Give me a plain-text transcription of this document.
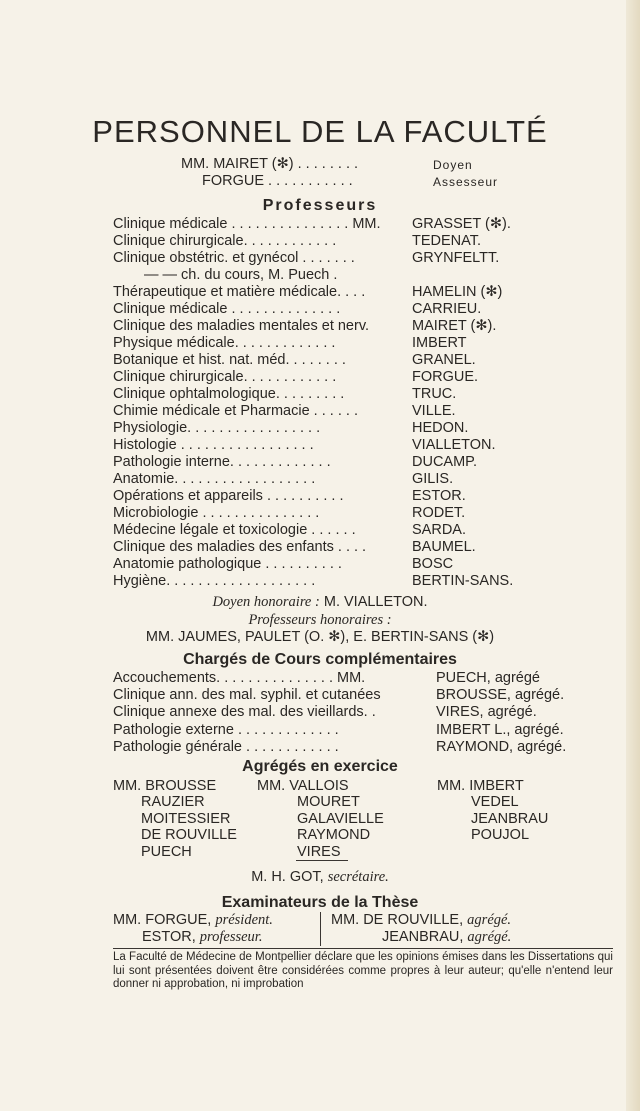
PERSONNEL DE LA FACULTÉ
MM. MAIRET (✻) . . . . . . . .	Doyen
FORGUE . . . . . . . . . . .	Assesseur
Professeurs
Clinique médicale . . . . . . . . . . . . . . . MM. GRASSET (✻).
Clinique chirurgicale. . . . . . . . . . . .	TEDENAT.
Clinique obstétric. et gynécol . . . . . . .	GRYNFELTT.
— — ch. du cours, M. Puech .
Thérapeutique et matière médicale. . . .	HAMELIN (✻)
Clinique médicale . . . . . . . . . . . . . .	CARRIEU.
Clinique des maladies mentales et nerv.	MAIRET (✻).
Physique médicale. . . . . . . . . . . . .	IMBERT
Botanique et hist. nat. méd. . . . . . . .	GRANEL.
Clinique chirurgicale. . . . . . . . . . . .	FORGUE.
Clinique ophtalmologique. . . . . . . . .	TRUC.
Chimie médicale et Pharmacie . . . . . .	VILLE.
Physiologie. . . . . . . . . . . . . . . . .	HEDON.
Histologie . . . . . . . . . . . . . . . . .	VIALLETON.
Pathologie interne. . . . . . . . . . . . .	DUCAMP.
Anatomie. . . . . . . . . . . . . . . . . .	GILIS.
Opérations et appareils . . . . . . . . . .	ESTOR.
Microbiologie . . . . . . . . . . . . . . .	RODET.
Médecine légale et toxicologie . . . . . .	SARDA.
Clinique des maladies des enfants . . . .	BAUMEL.
Anatomie pathologique . . . . . . . . . .	BOSC
Hygiène. . . . . . . . . . . . . . . . . . .	BERTIN-SANS.
Doyen honoraire : M. VIALLETON.
Professeurs honoraires :
MM. JAUMES, PAULET (O. ✻), E. BERTIN-SANS (✻)
Chargés de Cours complémentaires
Accouchements. . . . . . . . . . . . . . . MM.	PUECH, agrégé
Clinique ann. des mal. syphil. et cutanées	BROUSSE, agrégé.
Clinique annexe des mal. des vieillards. .	VIRES, agrégé.
Pathologie externe . . . . . . . . . . . . .	IMBERT L., agrégé.
Pathologie générale . . . . . . . . . . . .	RAYMOND, agrégé.
Agrégés en exercice
MM. BROUSSE
RAUZIER
MOITESSIER
DE ROUVILLE
PUECH
MM. VALLOIS
MOURET
GALAVIELLE
RAYMOND
VIRES
MM. IMBERT
VEDEL
JEANBRAU
POUJOL
M. H. GOT, secrétaire.
Examinateurs de la Thèse
MM. FORGUE, président.
ESTOR, professeur.
MM. DE ROUVILLE, agrégé.
JEANBRAU, agrégé.
La Faculté de Médecine de Montpellier déclare que les opinions émises dans les Dissertations qui lui sont présentées doivent être considérées comme propres à leur auteur; qu'elle n'entend leur donner ni approbation, ni improbation
